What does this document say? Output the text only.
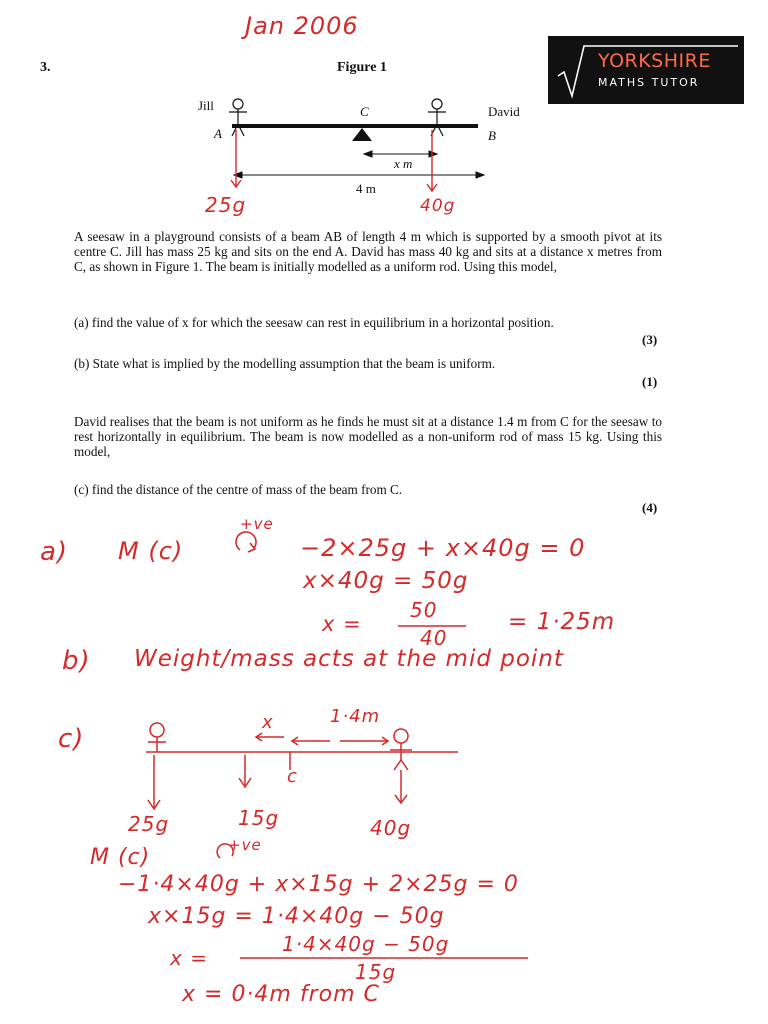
Jan 2006
3.	Figure 1	YORKSHIRE
MATHS TUTOR
Jill
A
C	David
B
x m
4 m
25g	40g
A seesaw in a playground consists of a beam AB of length 4 m which is supported by a smooth pivot at its centre C. Jill has mass 25 kg and sits on the end A. David has mass 40 kg and sits at a distance x metres from C, as shown in Figure 1. The beam is initially modelled as a uniform rod. Using this model,
(a) find the value of x for which the seesaw can rest in equilibrium in a horizontal position.
(3)
(b) State what is implied by the modelling assumption that the beam is uniform.
(1)
David realises that the beam is not uniform as he finds he must sit at a distance 1.4 m from C for the seesaw to rest horizontally in equilibrium. The beam is now modelled as a non-uniform rod of mass 15 kg. Using this model,
(c) find the distance of the centre of mass of the beam from C.
(4)
+ve
a) M (c)	−2×25g + x×40g = 0
x×40g = 50g
x =
50
40
= 1·25m
b) Weight/mass acts at the mid point
c)
x	1·4m
c
25g	15g	40g
M (c)	+ve
−1·4×40g + x×15g + 2×25g = 0
x×15g = 1·4×40g − 50g
x =
1·4×40g − 50g
15g
x = 0·4m from C
